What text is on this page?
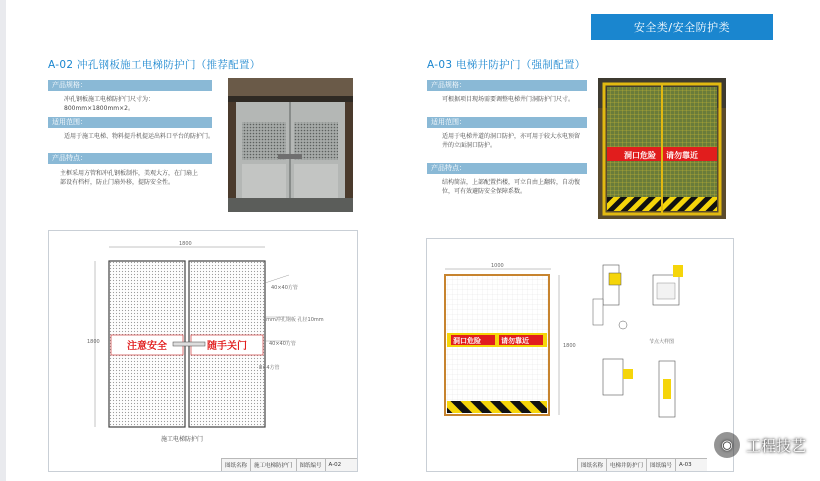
安全类/安全防护类
A-02 冲孔钢板施工电梯防护门（推荐配置）
产品规格：
冲孔钢板施工电梯防护门尺寸为：800mm×1800mm×2。
适用范围：
适用于施工电梯、物料提升机提运出料口平台的防护门。
产品特点：
主框采用方管和冲孔钢板制作，美观大方，在门扇上
部设有档杆，防止门扇外移，提防安全性。
1800
1800	注意安全	随手关门
40×40方管
1mm冲孔钢板 孔径10mm
40×40方管
8×4方管
施工电梯防护门
图纸名称	施工电梯防护门	图纸编号	A-02
A-03 电梯井防护门（强制配置）
产品规格：
可根据项目现场需要调整电梯井门洞防护门尺寸。
适用范围：
适用于电梯井道的洞口防护，亦可用于较大水电预留
井的立面洞口防护。
产品特点：
结构简洁，上部配置挡楼，可立自由上翻转，自动復
位，可有效避防安全保障系数。
洞口危险 请勿靠近
1000
1800
洞口危险	请勿靠近	节点大样图
图纸名称	电梯井防护门	图纸编号	A-03
◉ 工程技艺
